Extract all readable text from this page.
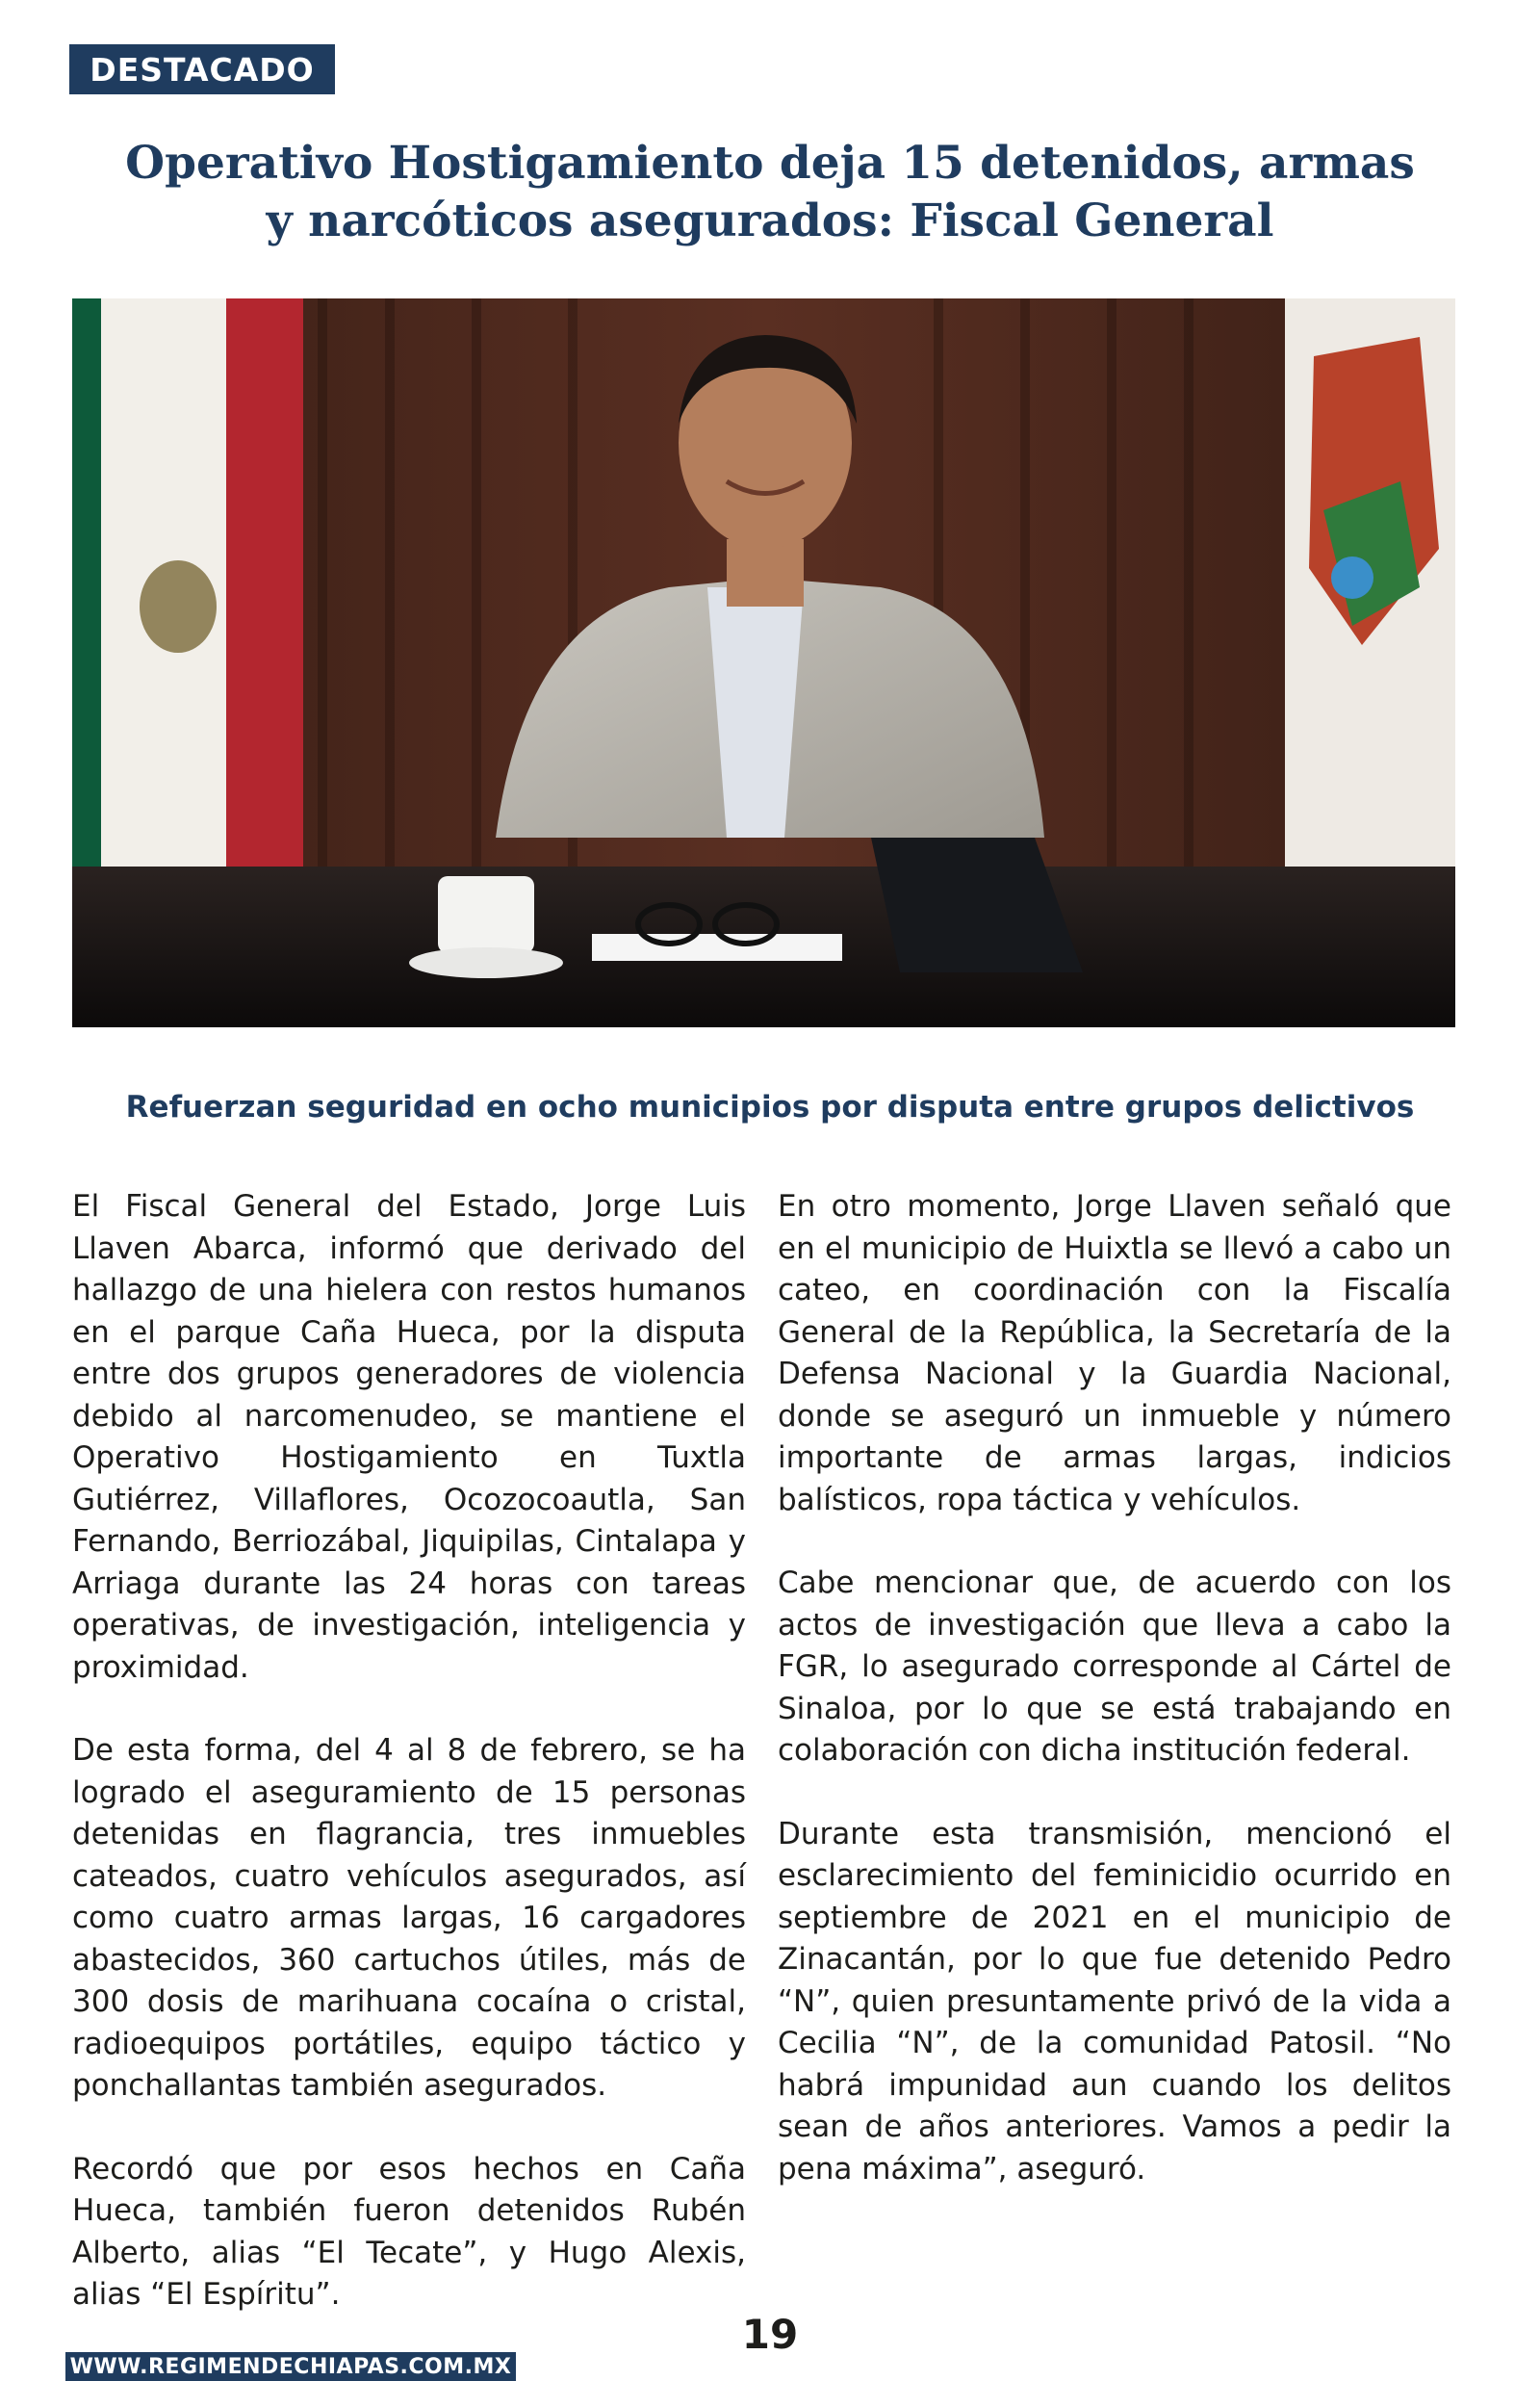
DESTACADO
Operativo Hostigamiento deja 15 detenidos, armas y narcóticos asegurados: Fiscal General
Refuerzan seguridad en ocho municipios por disputa entre grupos delictivos

El Fiscal General del Estado, Jorge Luis Llaven Abarca, informó que derivado del hallazgo de una hielera con restos humanos en el parque Caña Hueca, por la disputa entre dos grupos generadores de violencia debido al narcomenudeo, se mantiene el Operativo Hostigamiento en Tuxtla Gutiérrez, Villaflores, Ocozocoautla, San Fernando, Berriozábal, Jiquipilas, Cintalapa y Arriaga durante las 24 horas con tareas operativas, de investigación, inteligencia y proximidad.

De esta forma, del 4 al 8 de febrero, se ha logrado el aseguramiento de 15 personas detenidas en flagrancia, tres inmuebles cateados, cuatro vehículos asegurados, así como cuatro armas largas, 16 cargadores abastecidos, 360 cartuchos útiles, más de 300 dosis de marihuana cocaína o cristal, radioequipos portátiles, equipo táctico y ponchallantas también asegurados.

Recordó que por esos hechos en Caña Hueca, también fueron detenidos Rubén Alberto, alias “El Tecate”, y Hugo Alexis, alias “El Espíritu”.

En otro momento, Jorge Llaven señaló que en el municipio de Huixtla se llevó a cabo un cateo, en coordinación con la Fiscalía General de la República, la Secretaría de la Defensa Nacional y la Guardia Nacional, donde se aseguró un inmueble y número importante de armas largas, indicios balísticos, ropa táctica y vehículos.

Cabe mencionar que, de acuerdo con los actos de investigación que lleva a cabo la FGR, lo asegurado corresponde al Cártel de Sinaloa, por lo que se está trabajando en colaboración con dicha institución federal.

Durante esta transmisión, mencionó el esclarecimiento del feminicidio ocurrido en septiembre de 2021 en el municipio de Zinacantán, por lo que fue detenido Pedro “N”, quien presuntamente privó de la vida a Cecilia “N”, de la comunidad Patosil. “No habrá impunidad aun cuando los delitos sean de años anteriores. Vamos a pedir la pena máxima”, aseguró.

WWW.REGIMENDECHIAPAS.COM.MX
19
